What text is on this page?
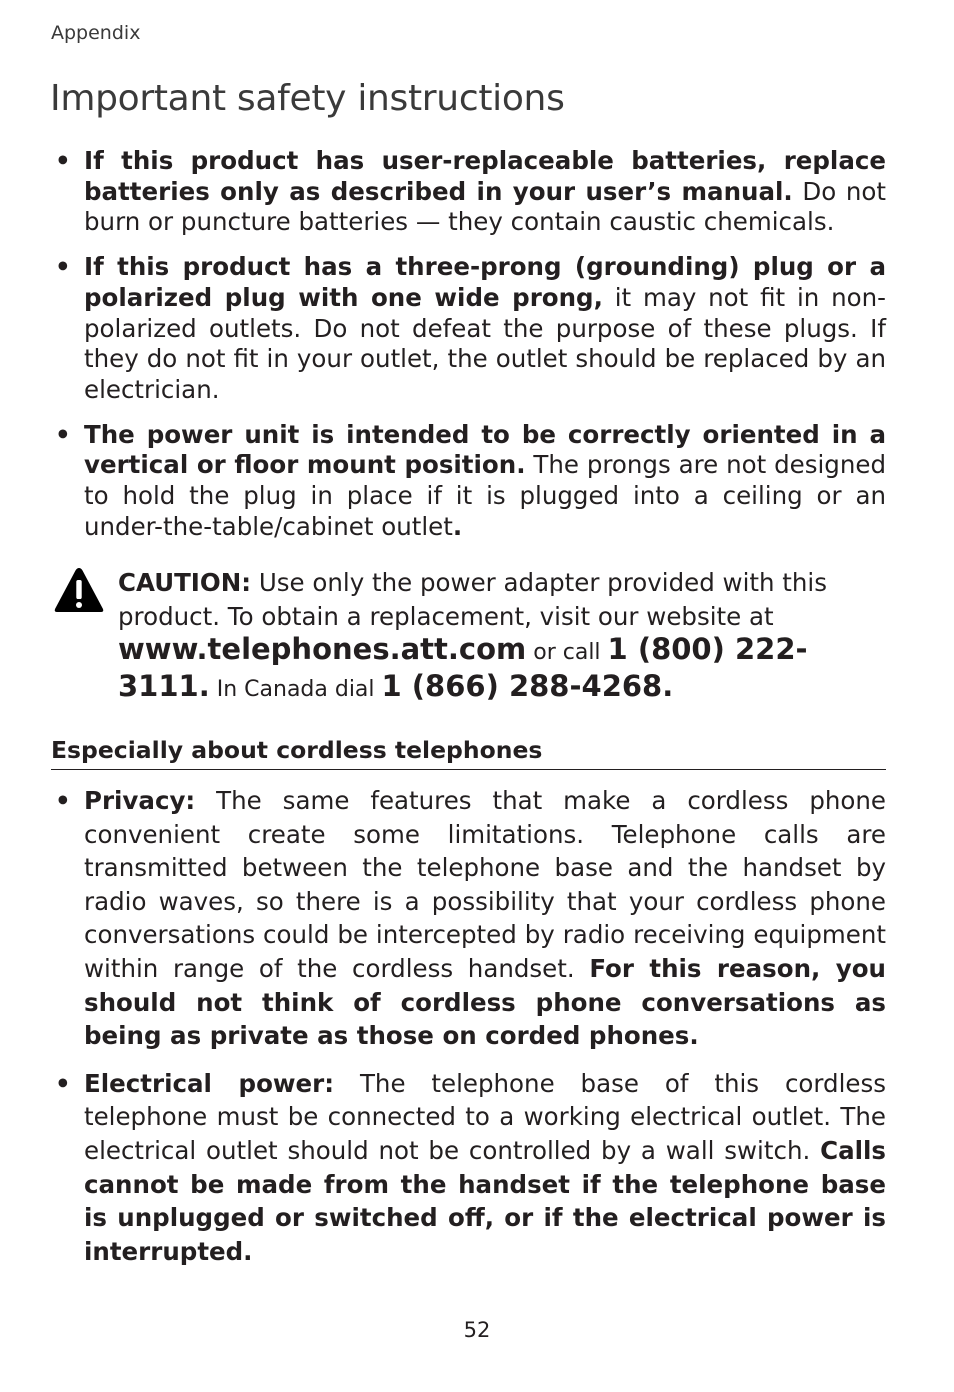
Appendix
Important safety instructions
• If this product has user-replaceable batteries, replace batteries only as described in your user’s manual. Do not burn or puncture batteries — they contain caustic chemicals.
• If this product has a three-prong (grounding) plug or a polarized plug with one wide prong, it may not fit in non-polarized outlets. Do not defeat the purpose of these plugs. If they do not fit in your outlet, the outlet should be replaced by an electrician.
• The power unit is intended to be correctly oriented in a vertical or floor mount position. The prongs are not designed to hold the plug in place if it is plugged into a ceiling or an under-the-table/cabinet outlet.
CAUTION: Use only the power adapter provided with this product. To obtain a replacement, visit our website at www.telephones.att.com or call 1 (800) 222-3111. In Canada dial 1 (866) 288-4268.
Especially about cordless telephones
• Privacy: The same features that make a cordless phone convenient create some limitations. Telephone calls are transmitted between the telephone base and the handset by radio waves, so there is a possibility that your cordless phone conversations could be intercepted by radio receiving equipment within range of the cordless handset. For this reason, you should not think of cordless phone conversations as being as private as those on corded phones.
• Electrical power: The telephone base of this cordless telephone must be connected to a working electrical outlet. The electrical outlet should not be controlled by a wall switch. Calls cannot be made from the handset if the telephone base is unplugged or switched off, or if the electrical power is interrupted.
52
